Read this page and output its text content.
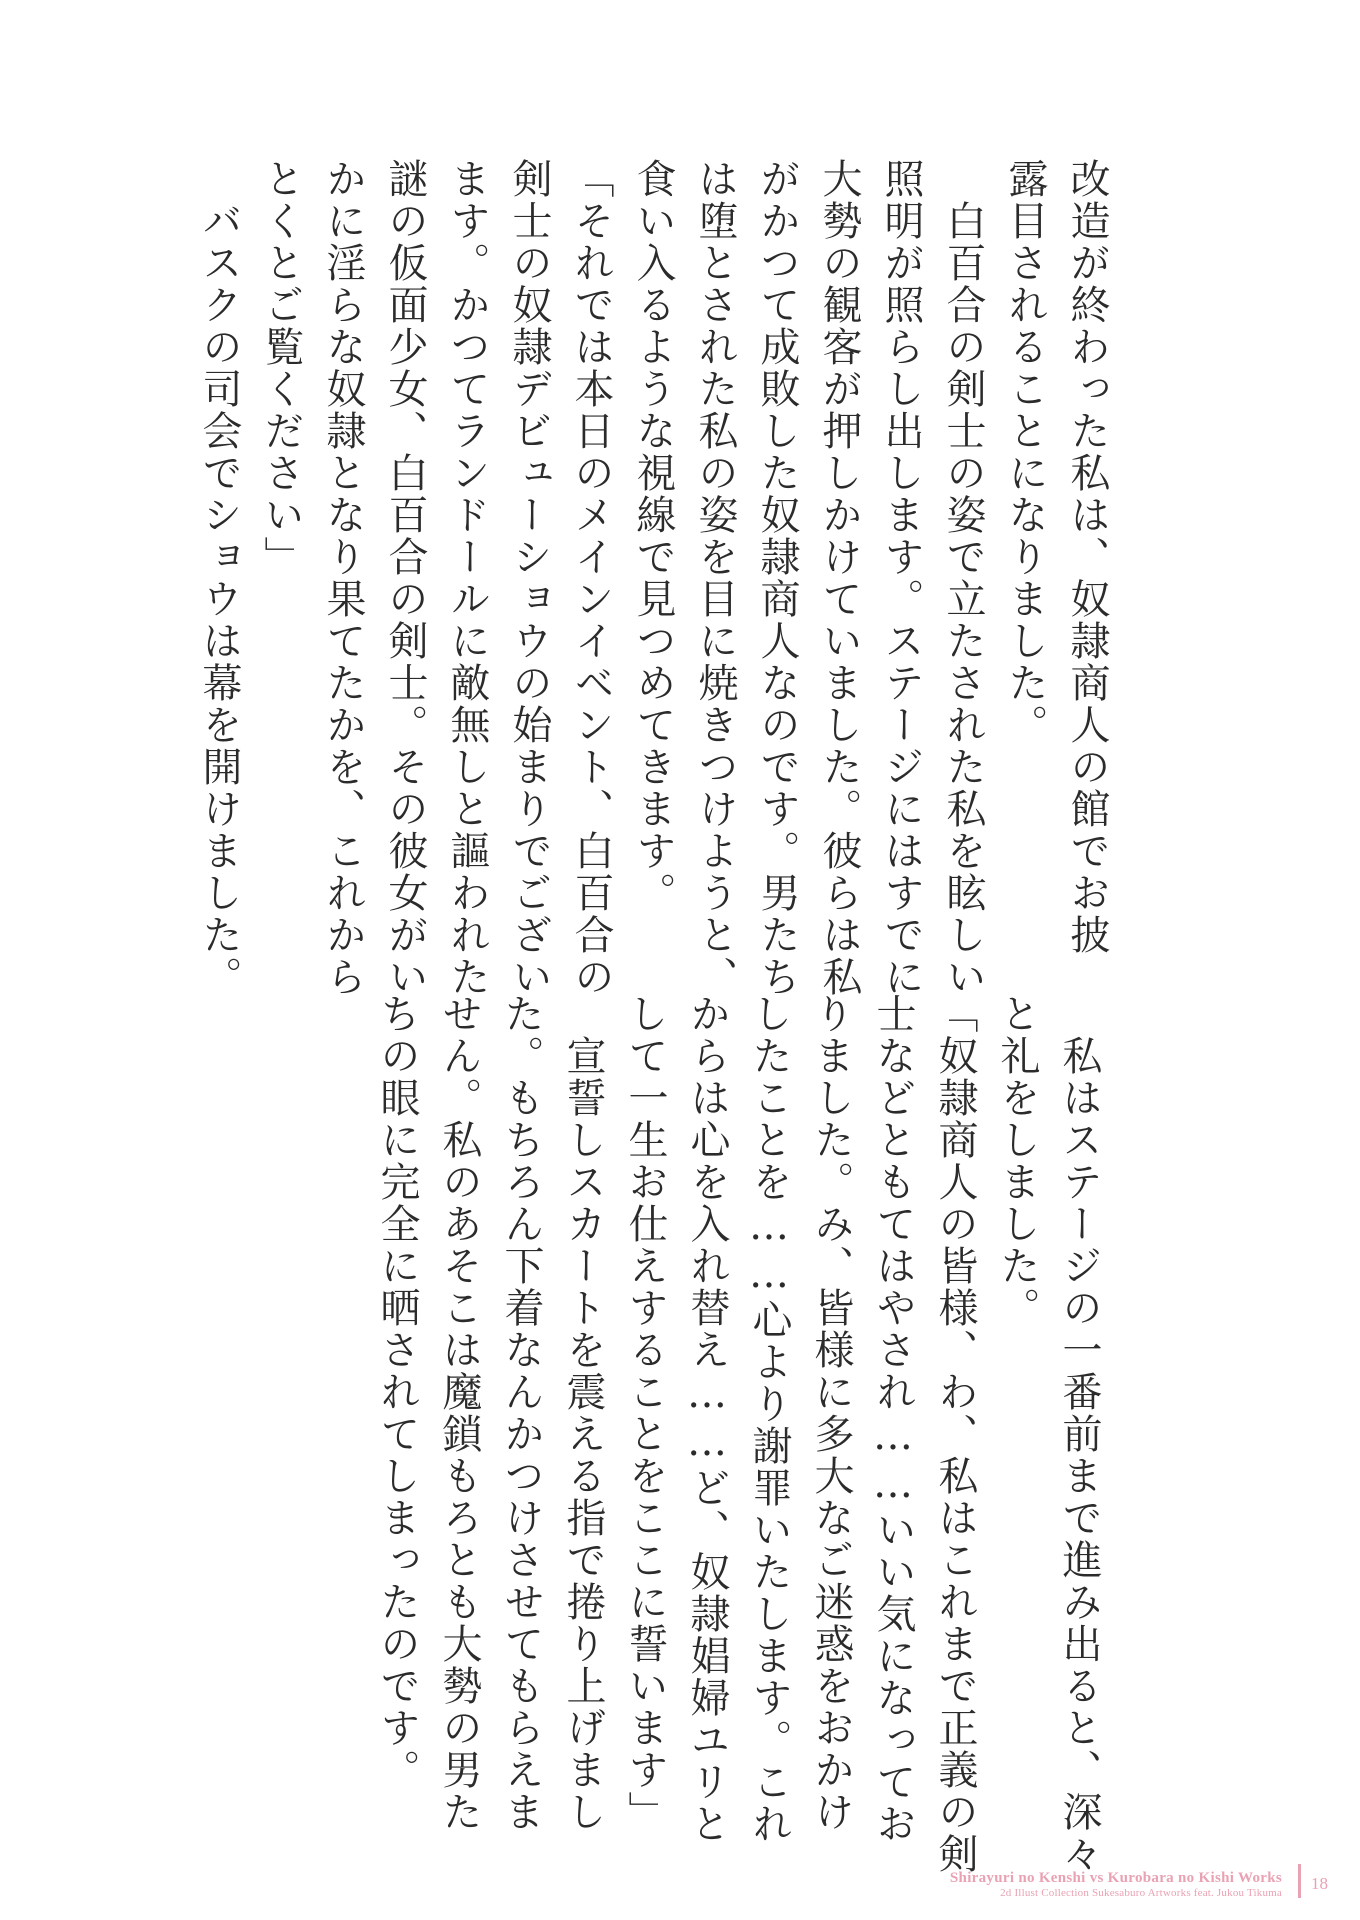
改造が終わった私は、奴隷商人の館でお披

露目されることになりました。

　白百合の剣士の姿で立たされた私を眩しい

照明が照らし出します。ステージにはすでに

大勢の観客が押しかけていました。彼らは私

がかつて成敗した奴隷商人なのです。男たち

は堕とされた私の姿を目に焼きつけようと、

食い入るような視線で見つめてきます。

「それでは本日のメインイベント、白百合の

剣士の奴隷デビューショウの始まりでござい

ます。かつてランドールに敵無しと謳われた

謎の仮面少女、白百合の剣士。その彼女がい

かに淫らな奴隷となり果てたかを、これから

とくとご覧ください」

　バスクの司会でショウは幕を開けました。

　私はステージの一番前まで進み出ると、深々

と礼をしました。

「奴隷商人の皆様、わ、私はこれまで正義の剣

士などともてはやされ……いい気になってお

りました。み、皆様に多大なご迷惑をおかけ

したことを……心より謝罪いたします。これ

からは心を入れ替え……ど、奴隷娼婦ユリと

して一生お仕えすることをここに誓います」

　宣誓しスカートを震える指で捲り上げまし

た。もちろん下着なんかつけさせてもらえま

せん。私のあそこは魔鎖もろとも大勢の男た

ちの眼に完全に晒されてしまったのです。

Shirayuri no Kenshi vs Kurobara no Kishi Works
2d Illust Collection Sukesaburo Artworks feat. Jukou Tikuma 18
